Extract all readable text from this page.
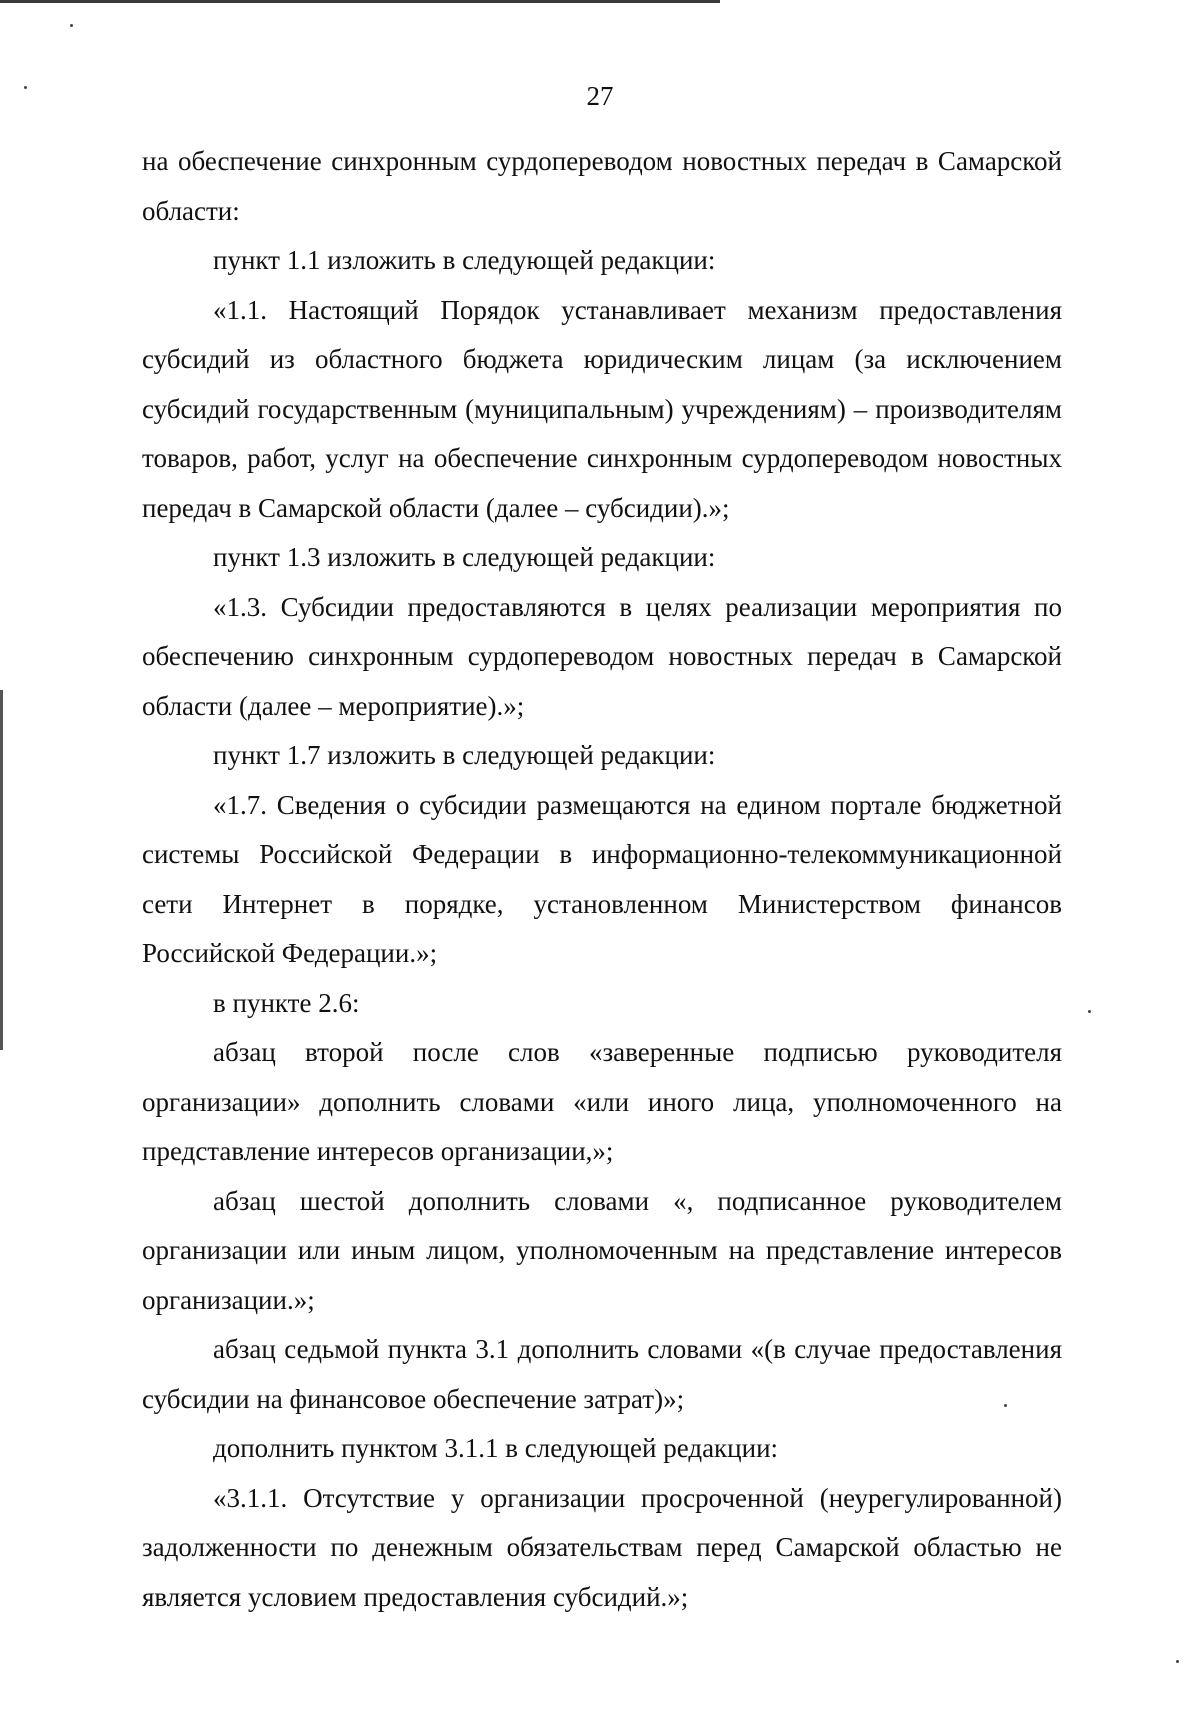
27

на обеспечение синхронным сурдопереводом новостных передач в Самарской области:

пункт 1.1 изложить в следующей редакции:

«1.1. Настоящий Порядок устанавливает механизм предоставления субсидий из областного бюджета юридическим лицам (за исключением субсидий государственным (муниципальным) учреждениям) – производителям товаров, работ, услуг на обеспечение синхронным сурдопереводом новостных передач в Самарской области (далее – субсидии).»;

пункт 1.3 изложить в следующей редакции:

«1.3. Субсидии предоставляются в целях реализации мероприятия по обеспечению синхронным сурдопереводом новостных передач в Самарской области (далее – мероприятие).»;

пункт 1.7 изложить в следующей редакции:

«1.7. Сведения о субсидии размещаются на едином портале бюджетной системы Российской Федерации в информационно-телекоммуникационной сети Интернет в порядке, установленном Министерством финансов Российской Федерации.»;

в пункте 2.6:

абзац второй после слов «заверенные подписью руководителя организации» дополнить словами «или иного лица, уполномоченного на представление интересов организации,»;

абзац шестой дополнить словами «, подписанное руководителем организации или иным лицом, уполномоченным на представление интересов организации.»;

абзац седьмой пункта 3.1 дополнить словами «(в случае предоставления субсидии на финансовое обеспечение затрат)»;

дополнить пунктом 3.1.1 в следующей редакции:

«3.1.1. Отсутствие у организации просроченной (неурегулированной) задолженности по денежным обязательствам перед Самарской областью не является условием предоставления субсидий.»;
